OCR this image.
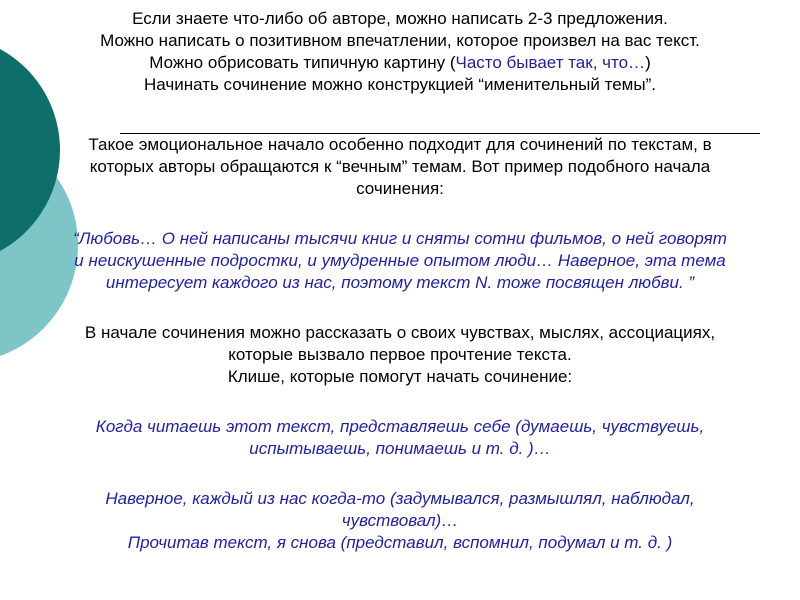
Если знаете что-либо об авторе, можно написать 2-3 предложения.
Можно написать о позитивном впечатлении, которое произвел на вас текст.
Можно обрисовать типичную картину (Часто бывает так, что…)
Начинать сочинение можно конструкцией “именительный темы”.
Такое эмоциональное начало особенно подходит для сочинений по текстам, в
которых авторы обращаются к “вечным” темам. Вот пример подобного начала
сочинения:
“Любовь… О ней написаны тысячи книг и сняты сотни фильмов, о ней говорят
и неискушенные подростки, и умудренные опытом люди… Наверное, эта тема
интересует каждого из нас, поэтому текст N. тоже посвящен любви. ”
В начале сочинения можно рассказать о своих чувствах, мыслях, ассоциациях,
которые вызвало первое прочтение текста.
Клише, которые помогут начать сочинение:
Когда читаешь этот текст, представляешь себе (думаешь, чувствуешь,
испытываешь, понимаешь и т. д. )…
Наверное, каждый из нас когда-то (задумывался, размышлял, наблюдал,
чувствовал)…
Прочитав текст, я снова (представил, вспомнил, подумал и т. д. )
